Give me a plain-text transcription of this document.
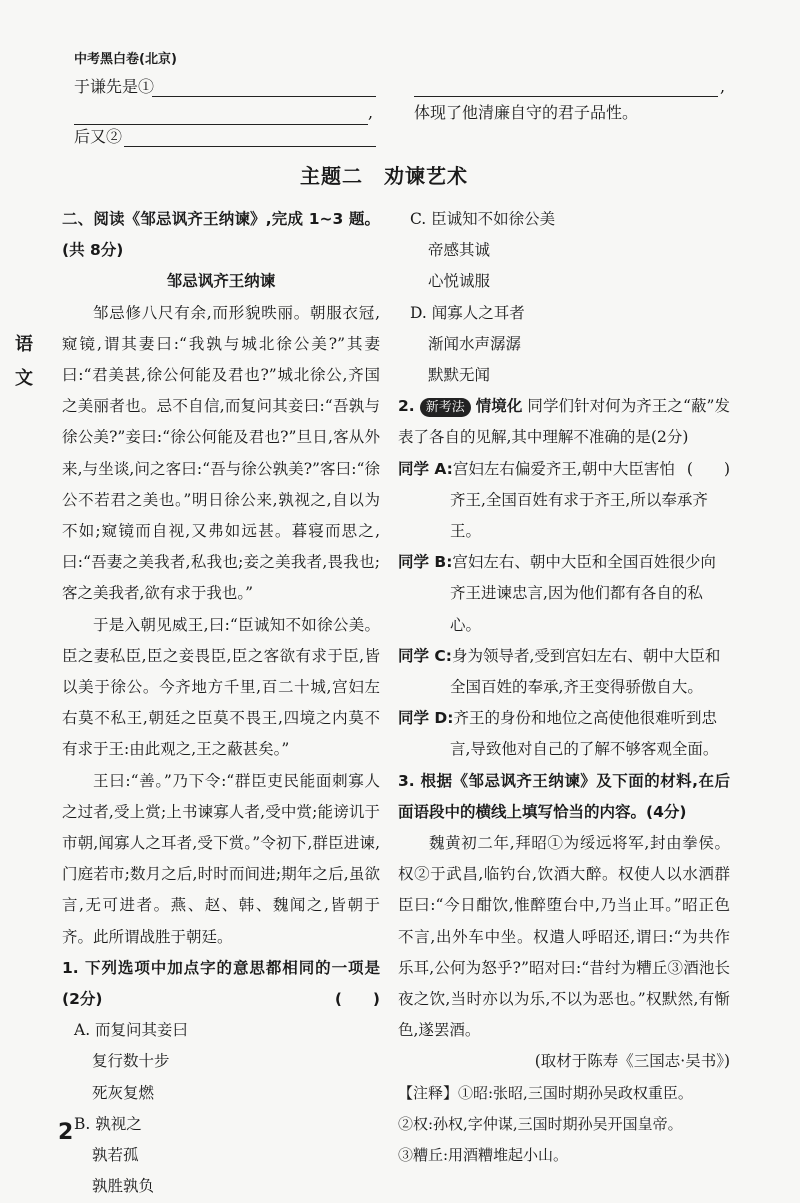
中考黑白卷(北京)
语文
2
于谦先是①
,
后又②
,
体现了他清廉自守的君子品性。
主题二　劝谏艺术

二、阅读《邹忌讽齐王纳谏》,完成 1~3 题。(共 8分)

邹忌讽齐王纳谏

邹忌修八尺有余,而形貌昳丽。朝服衣冠,窥镜,谓其妻曰:“我孰与城北徐公美?”其妻曰:“君美甚,徐公何能及君也?”城北徐公,齐国之美丽者也。忌不自信,而复问其妾曰:“吾孰与徐公美?”妾曰:“徐公何能及君也?”旦日,客从外来,与坐谈,问之客曰:“吾与徐公孰美?”客曰:“徐公不若君之美也。”明日徐公来,孰视之,自以为不如;窥镜而自视,又弗如远甚。暮寝而思之,曰:“吾妻之美我者,私我也;妾之美我者,畏我也;客之美我者,欲有求于我也。”

于是入朝见威王,曰:“臣诚知不如徐公美。臣之妻私臣,臣之妾畏臣,臣之客欲有求于臣,皆以美于徐公。今齐地方千里,百二十城,宫妇左右莫不私王,朝廷之臣莫不畏王,四境之内莫不有求于王:由此观之,王之蔽甚矣。”

王曰:“善。”乃下令:“群臣吏民能面刺寡人之过者,受上赏;上书谏寡人者,受中赏;能谤讥于市朝,闻寡人之耳者,受下赏。”令初下,群臣进谏,门庭若市;数月之后,时时而间进;期年之后,虽欲言,无可进者。燕、赵、韩、魏闻之,皆朝于齐。此所谓战胜于朝廷。

1. 下列选项中加点字的意思都相同的一项是(2分)	(　　)

A. 而复问其妾曰

复行数十步

死灰复燃

B. 孰视之

孰若孤

孰胜孰负

C. 臣诚知不如徐公美

帝感其诚

心悦诚服

D. 闻寡人之耳者

渐闻水声潺潺

默默无闻

2. 新考法 情境化 同学们针对何为齐王之“蔽”发表了各自的见解,其中理解不准确的是(2分)
(　　)

同学 A:宫妇左右偏爱齐王,朝中大臣害怕齐王,全国百姓有求于齐王,所以奉承齐王。

同学 B:宫妇左右、朝中大臣和全国百姓很少向齐王进谏忠言,因为他们都有各自的私心。

同学 C:身为领导者,受到宫妇左右、朝中大臣和全国百姓的奉承,齐王变得骄傲自大。

同学 D:齐王的身份和地位之高使他很难听到忠言,导致他对自己的了解不够客观全面。

3. 根据《邹忌讽齐王纳谏》及下面的材料,在后面语段中的横线上填写恰当的内容。(4分)

魏黄初二年,拜昭①为绥远将军,封由拳侯。权②于武昌,临钓台,饮酒大醉。权使人以水洒群臣曰:“今日酣饮,惟醉堕台中,乃当止耳。”昭正色不言,出外车中坐。权遣人呼昭还,谓曰:“为共作乐耳,公何为怒乎?”昭对曰:“昔纣为糟丘③酒池长夜之饮,当时亦以为乐,不以为恶也。”权默然,有惭色,遂罢酒。

(取材于陈寿《三国志·吴书》)

【注释】①昭:张昭,三国时期孙吴政权重臣。

②权:孙权,字仲谋,三国时期孙吴开国皇帝。

③糟丘:用酒糟堆起小山。
